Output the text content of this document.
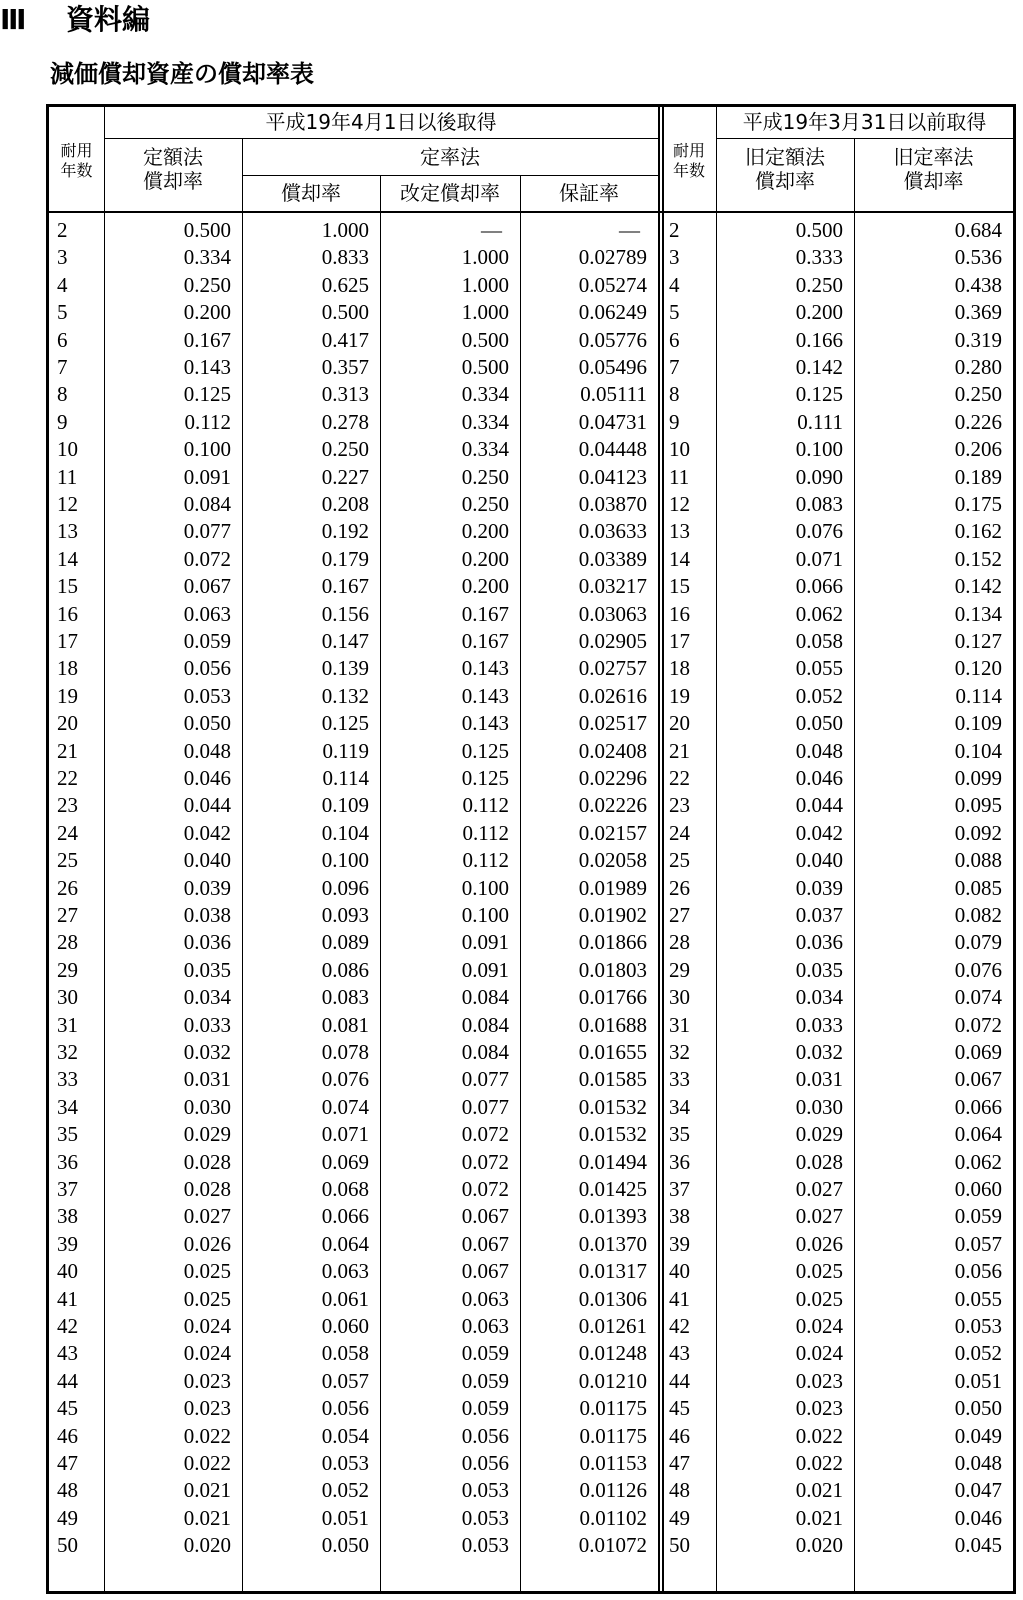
Ⅲ 資料編
減価償却資産の償却率表
平成19年4月1日以後取得	平成19年3月31日以前取得
耐用
年数
定額法
償却率
定率法
償却率	改定償却率	保証率
耐用
年数
旧定額法
償却率
旧定率法
償却率
2	0.500	1.000	—	—	2	0.500	0.684
3	0.334	0.833	1.000	0.02789 3	0.333	0.536
4	0.250	0.625	1.000	0.05274 4	0.250	0.438
5	0.200	0.500	1.000	0.06249 5	0.200	0.369
6	0.167	0.417	0.500	0.05776 6	0.166	0.319
7	0.143	0.357	0.500	0.05496 7	0.142	0.280
8	0.125	0.313	0.334	0.05111 8	0.125	0.250
9	0.112	0.278	0.334	0.04731 9	0.111	0.226
10	0.100	0.250	0.334	0.04448 10	0.100	0.206
11	0.091	0.227	0.250	0.04123 11	0.090	0.189
12	0.084	0.208	0.250	0.03870 12	0.083	0.175
13	0.077	0.192	0.200	0.03633 13	0.076	0.162
14	0.072	0.179	0.200	0.03389 14	0.071	0.152
15	0.067	0.167	0.200	0.03217 15	0.066	0.142
16	0.063	0.156	0.167	0.03063 16	0.062	0.134
17	0.059	0.147	0.167	0.02905 17	0.058	0.127
18	0.056	0.139	0.143	0.02757 18	0.055	0.120
19	0.053	0.132	0.143	0.02616 19	0.052	0.114
20	0.050	0.125	0.143	0.02517 20	0.050	0.109
21	0.048	0.119	0.125	0.02408 21	0.048	0.104
22	0.046	0.114	0.125	0.02296 22	0.046	0.099
23	0.044	0.109	0.112	0.02226 23	0.044	0.095
24	0.042	0.104	0.112	0.02157 24	0.042	0.092
25	0.040	0.100	0.112	0.02058 25	0.040	0.088
26	0.039	0.096	0.100	0.01989 26	0.039	0.085
27	0.038	0.093	0.100	0.01902 27	0.037	0.082
28	0.036	0.089	0.091	0.01866 28	0.036	0.079
29	0.035	0.086	0.091	0.01803 29	0.035	0.076
30	0.034	0.083	0.084	0.01766 30	0.034	0.074
31	0.033	0.081	0.084	0.01688 31	0.033	0.072
32	0.032	0.078	0.084	0.01655 32	0.032	0.069
33	0.031	0.076	0.077	0.01585 33	0.031	0.067
34	0.030	0.074	0.077	0.01532 34	0.030	0.066
35	0.029	0.071	0.072	0.01532 35	0.029	0.064
36	0.028	0.069	0.072	0.01494 36	0.028	0.062
37	0.028	0.068	0.072	0.01425 37	0.027	0.060
38	0.027	0.066	0.067	0.01393 38	0.027	0.059
39	0.026	0.064	0.067	0.01370 39	0.026	0.057
40	0.025	0.063	0.067	0.01317 40	0.025	0.056
41	0.025	0.061	0.063	0.01306 41	0.025	0.055
42	0.024	0.060	0.063	0.01261 42	0.024	0.053
43	0.024	0.058	0.059	0.01248 43	0.024	0.052
44	0.023	0.057	0.059	0.01210 44	0.023	0.051
45	0.023	0.056	0.059	0.01175 45	0.023	0.050
46	0.022	0.054	0.056	0.01175 46	0.022	0.049
47	0.022	0.053	0.056	0.01153 47	0.022	0.048
48	0.021	0.052	0.053	0.01126 48	0.021	0.047
49	0.021	0.051	0.053	0.01102 49	0.021	0.046
50	0.020	0.050	0.053	0.01072 50	0.020	0.045
